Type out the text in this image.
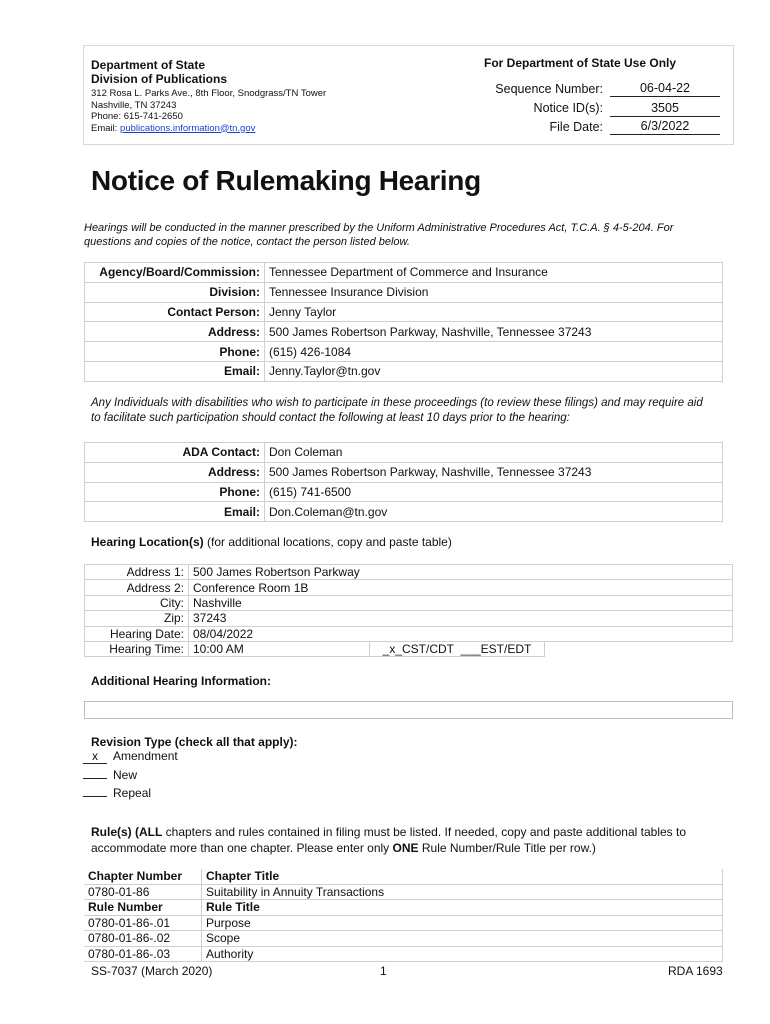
Department of State
Division of Publications
312 Rosa L. Parks Ave., 8th Floor, Snodgrass/TN Tower
Nashville, TN 37243
Phone: 615-741-2650
Email: publications.information@tn.gov
For Department of State Use Only
Sequence Number:	06-04-22
Notice ID(s):	3505
File Date:	6/3/2022
Notice of Rulemaking Hearing
Hearings will be conducted in the manner prescribed by the Uniform Administrative Procedures Act, T.C.A. § 4-5-204. For questions and copies of the notice, contact the person listed below.
Agency/Board/Commission:	Tennessee Department of Commerce and Insurance
Division:	Tennessee Insurance Division
Contact Person:	Jenny Taylor
Address:	500 James Robertson Parkway, Nashville, Tennessee 37243
Phone:	(615) 426-1084
Email:	Jenny.Taylor@tn.gov
Any Individuals with disabilities who wish to participate in these proceedings (to review these filings) and may require aid to facilitate such participation should contact the following at least 10 days prior to the hearing:
ADA Contact:	Don Coleman
Address:	500 James Robertson Parkway, Nashville, Tennessee 37243
Phone:	(615) 741-6500
Email:	Don.Coleman@tn.gov
Hearing Location(s) (for additional locations, copy and paste table)
Address 1:	500 James Robertson Parkway		
Address 2:	Conference Room 1B		
City:	Nashville		
Zip:	37243		
Hearing Date:	08/04/2022		
Hearing Time:	10:00 AM	_x_CST/CDT ___EST/EDT	
Additional Hearing Information:
Revision Type (check all that apply):
x Amendment
New
Repeal
Rule(s) (ALL chapters and rules contained in filing must be listed. If needed, copy and paste additional tables to accommodate more than one chapter. Please enter only ONE Rule Number/Rule Title per row.)
Chapter Number	Chapter Title
0780-01-86	Suitability in Annuity Transactions
Rule Number	Rule Title
0780-01-86-.01	Purpose
0780-01-86-.02	Scope
0780-01-86-.03	Authority
SS-7037 (March 2020)	1	RDA 1693
